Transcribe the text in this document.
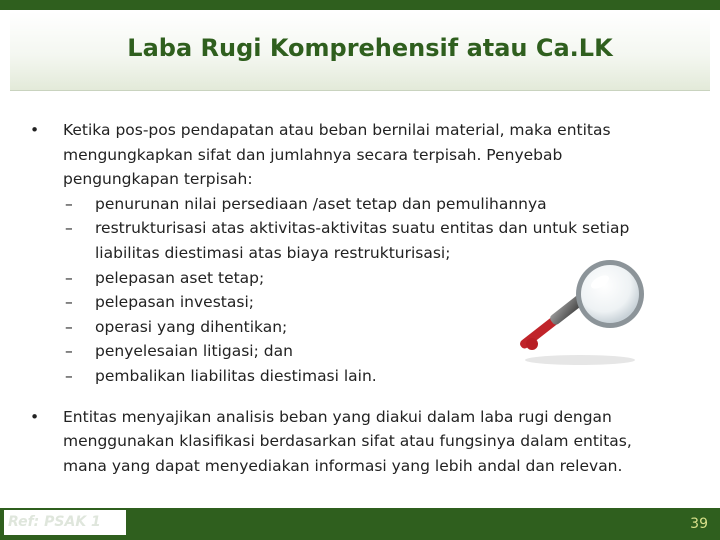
Laba Rugi Komprehensif atau Ca.LK
• Ketika pos-pos pendapatan atau beban bernilai material, maka entitas mengungkapkan sifat dan jumlahnya secara terpisah. Penyebab pengungkapan terpisah:
– penurunan nilai persediaan /aset tetap dan pemulihannya
– restrukturisasi atas aktivitas-aktivitas suatu entitas dan untuk setiap liabilitas diestimasi atas biaya restrukturisasi;
– pelepasan aset tetap;
– pelepasan investasi;
– operasi yang dihentikan;
– penyelesaian litigasi; dan
– pembalikan liabilitas diestimasi lain.
• Entitas menyajikan analisis beban yang diakui dalam laba rugi dengan menggunakan klasifikasi berdasarkan sifat atau fungsinya dalam entitas, mana yang dapat menyediakan informasi yang lebih andal dan relevan.
Ref: PSAK 1	39
